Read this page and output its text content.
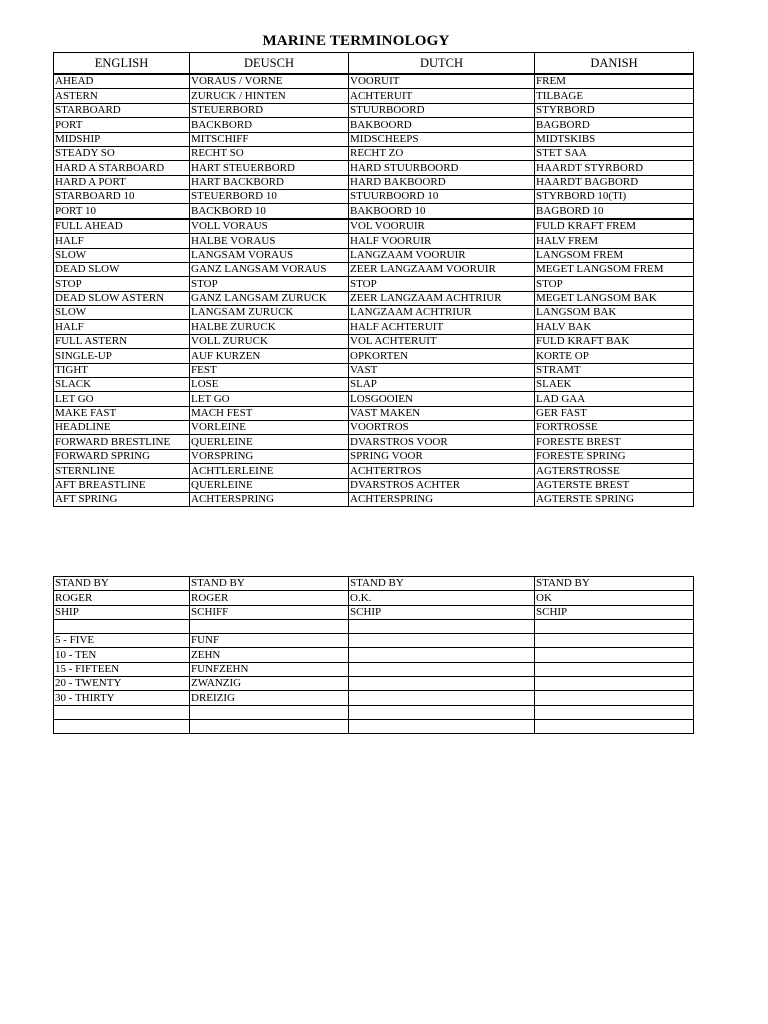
MARINE TERMINOLOGY
ENGLISH	DEUSCH	DUTCH	DANISH
AHEAD	VORAUS / VORNE	VOORUIT	FREM
ASTERN	ZURUCK / HINTEN	ACHTERUIT	TILBAGE
STARBOARD	STEUERBORD	STUURBOORD	STYRBORD
PORT	BACKBORD	BAKBOORD	BAGBORD
MIDSHIP	MITSCHIFF	MIDSCHEEPS	MIDTSKIBS
STEADY SO	RECHT SO	RECHT ZO	STET SAA
HARD A STARBOARD	HART STEUERBORD	HARD STUURBOORD	HAARDT STYRBORD
HARD A PORT	HART BACKBORD	HARD BAKBOORD	HAARDT BAGBORD
STARBOARD 10	STEUERBORD 10	STUURBOORD 10	STYRBORD 10(TI)
PORT 10	BACKBORD 10	BAKBOORD 10	BAGBORD 10
FULL AHEAD	VOLL VORAUS	VOL VOORUIR	FULD KRAFT FREM
HALF	HALBE VORAUS	HALF VOORUIR	HALV FREM
SLOW	LANGSAM VORAUS	LANGZAAM VOORUIR	LANGSOM FREM
DEAD SLOW	GANZ LANGSAM VORAUS	ZEER LANGZAAM VOORUIR	MEGET LANGSOM FREM
STOP	STOP	STOP	STOP
DEAD SLOW ASTERN	GANZ LANGSAM ZURUCK	ZEER LANGZAAM ACHTRIUR	MEGET LANGSOM BAK
SLOW	LANGSAM ZURUCK	LANGZAAM ACHTRIUR	LANGSOM BAK
HALF	HALBE ZURUCK	HALF ACHTERUIT	HALV BAK
FULL ASTERN	VOLL ZURUCK	VOL ACHTERUIT	FULD KRAFT BAK
SINGLE-UP	AUF KURZEN	OPKORTEN	KORTE OP
TIGHT	FEST	VAST	STRAMT
SLACK	LOSE	SLAP	SLAEK
LET GO	LET GO	LOSGOOIEN	LAD GAA
MAKE FAST	MACH FEST	VAST MAKEN	GER FAST
HEADLINE	VORLEINE	VOORTROS	FORTROSSE
FORWARD BRESTLINE	QUERLEINE	DVARSTROS VOOR	FORESTE BREST
FORWARD SPRING	VORSPRING	SPRING VOOR	FORESTE SPRING
STERNLINE	ACHTLERLEINE	ACHTERTROS	AGTERSTROSSE
AFT BREASTLINE	QUERLEINE	DVARSTROS ACHTER	AGTERSTE BREST
AFT SPRING	ACHTERSPRING	ACHTERSPRING	AGTERSTE SPRING
STAND BY	STAND BY	STAND BY	STAND BY
ROGER	ROGER	O.K.	OK
SHIP	SCHIFF	SCHIP	SCHIP

5 - FIVE	FUNF		
10 - TEN	ZEHN		
15 - FIFTEEN	FUNFZEHN		
20 - TWENTY	ZWANZIG		
30 - THIRTY	DREIZIG		
